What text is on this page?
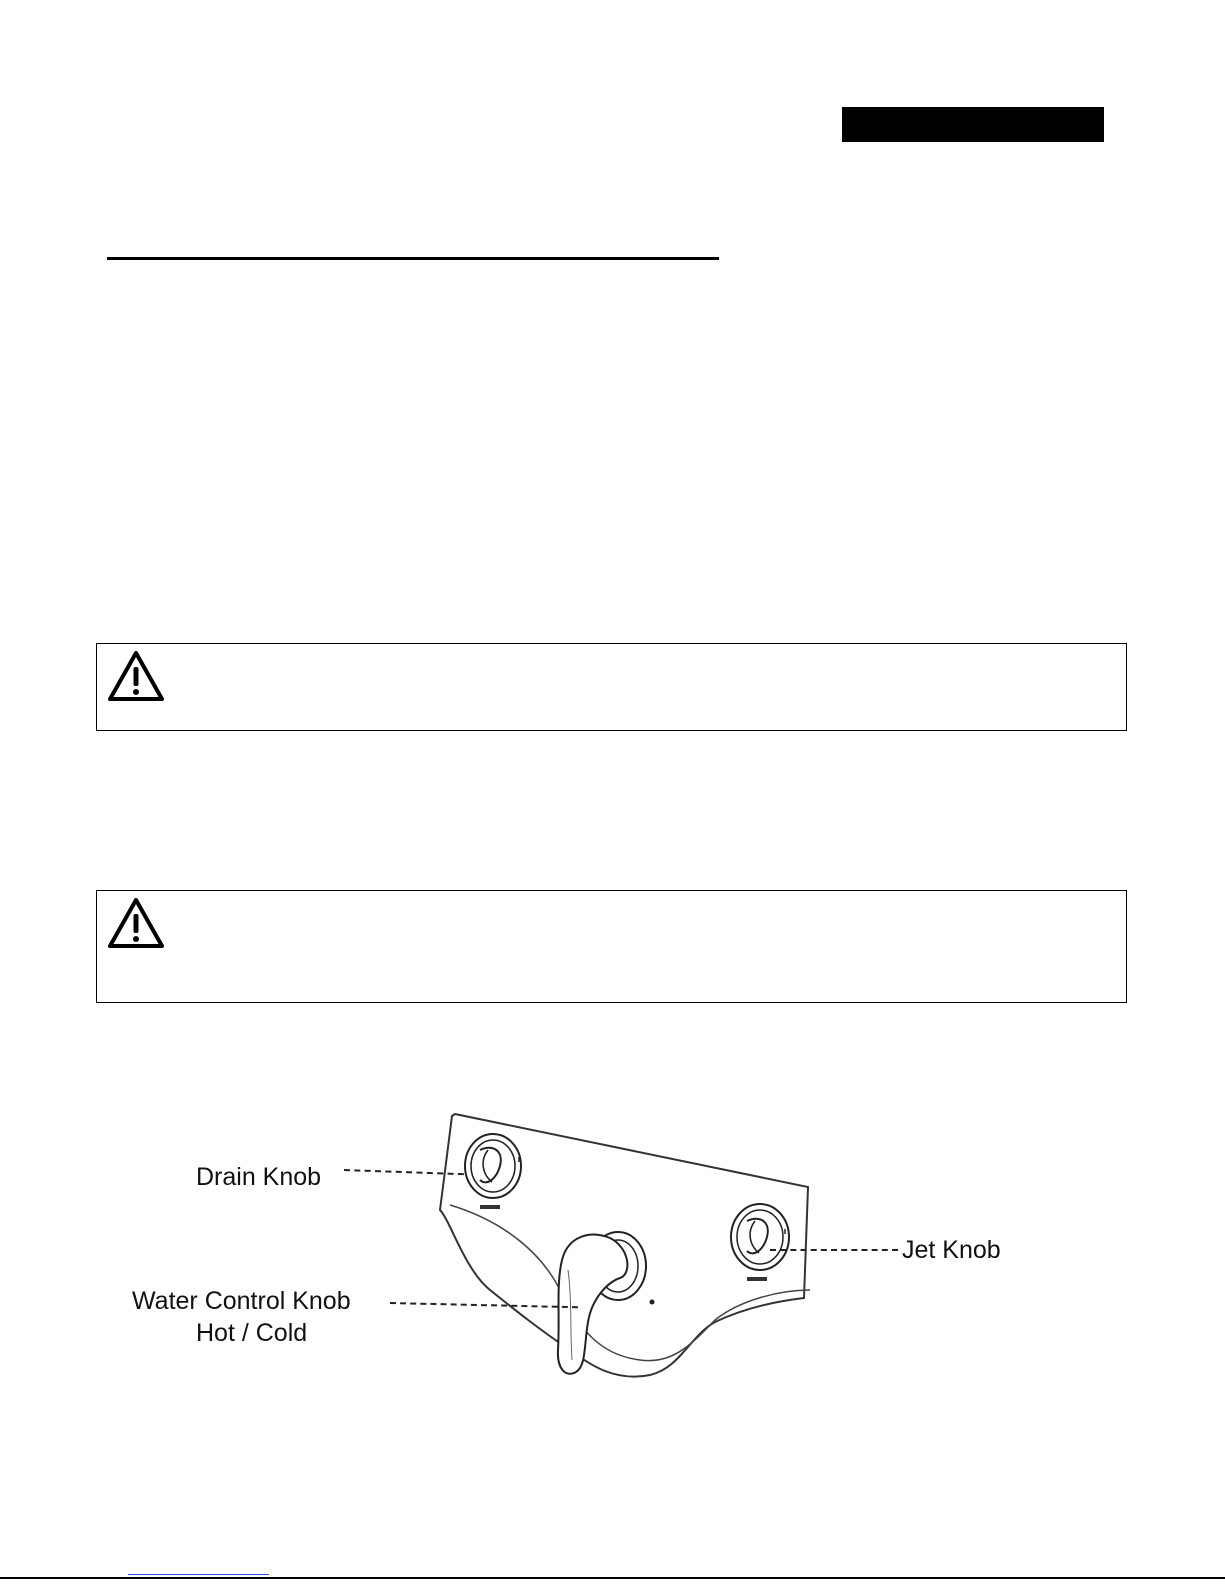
Drain Knob
Jet Knob
Water Control Knob
Hot / Cold
